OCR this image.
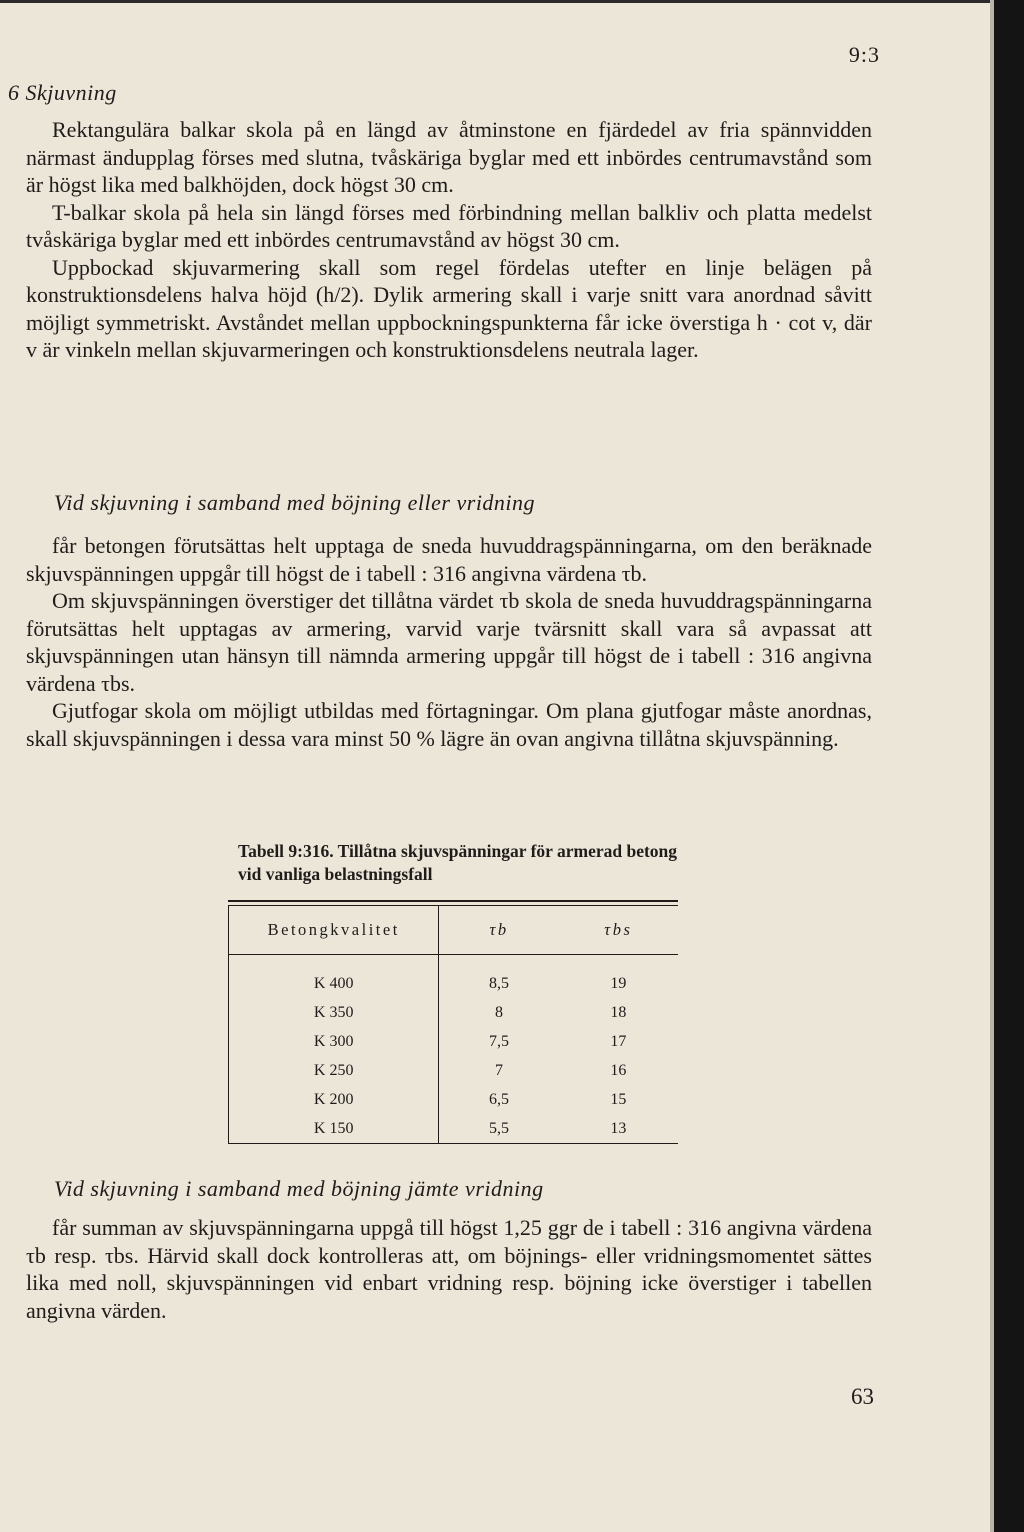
9:3
6 Skjuvning

Rektangulära balkar skola på en längd av åtminstone en fjärdedel av fria spännvidden närmast ändupplag förses med slutna, tvåskäriga byglar med ett inbördes centrumavstånd som är högst lika med balkhöjden, dock högst 30 cm.

T-balkar skola på hela sin längd förses med förbindning mellan balkliv och platta medelst tvåskäriga byglar med ett inbördes centrumavstånd av högst 30 cm.

Uppbockad skjuvarmering skall som regel fördelas utefter en linje belägen på konstruktionsdelens halva höjd (h/2). Dylik armering skall i varje snitt vara anordnad såvitt möjligt symmetriskt. Avståndet mellan uppbockningspunkterna får icke överstiga h · cot v, där v är vinkeln mellan skjuvarmeringen och konstruktionsdelens neutrala lager.

Vid skjuvning i samband med böjning eller vridning

får betongen förutsättas helt upptaga de sneda huvuddragspänningarna, om den beräknade skjuvspänningen uppgår till högst de i tabell : 316 angivna värdena τb.

Om skjuvspänningen överstiger det tillåtna värdet τb skola de sneda huvuddragspänningarna förutsättas helt upptagas av armering, varvid varje tvärsnitt skall vara så avpassat att skjuvspänningen utan hänsyn till nämnda armering uppgår till högst de i tabell : 316 angivna värdena τbs.

Gjutfogar skola om möjligt utbildas med förtagningar. Om plana gjutfogar måste anordnas, skall skjuvspänningen i dessa vara minst 50 % lägre än ovan angivna tillåtna skjuvspänning.

Tabell 9:316. Tillåtna skjuvspänningar för armerad betong vid vanliga belastningsfall
Betongkvalitet	τb	τbs
K 400	8,5	19
K 350	8	18
K 300	7,5	17
K 250	7	16
K 200	6,5	15
K 150	5,5	13
Vid skjuvning i samband med böjning jämte vridning

får summan av skjuvspänningarna uppgå till högst 1,25 ggr de i tabell : 316 angivna värdena τb resp. τbs. Härvid skall dock kontrolleras att, om böjnings- eller vridningsmomentet sättes lika med noll, skjuvspänningen vid enbart vridning resp. böjning icke överstiger i tabellen angivna värden.

63
